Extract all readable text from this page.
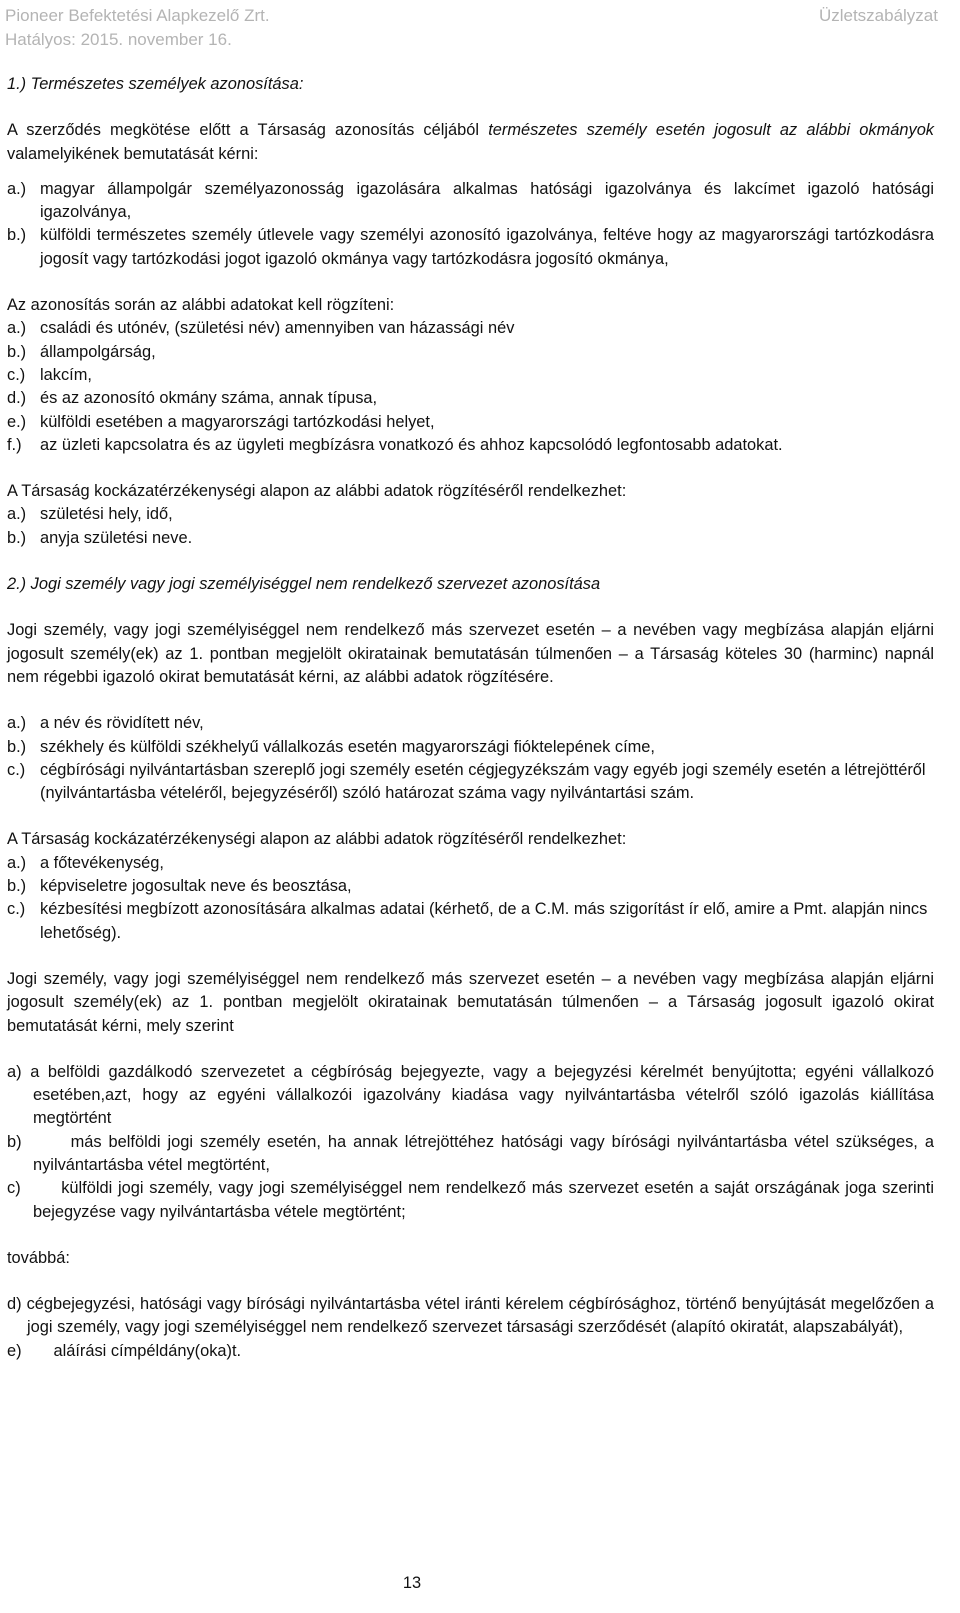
Pioneer Befektetési Alapkezelő Zrt.	Üzletszabályzat
Hatályos: 2015. november 16.

1.) Természetes személyek azonosítása:

A szerződés megkötése előtt a Társaság azonosítás céljából természetes személy esetén jogosult az alábbi okmányok valamelyikének bemutatását kérni:

a.) magyar állampolgár személyazonosság igazolására alkalmas hatósági igazolványa és lakcímet igazoló hatósági igazolványa,
b.) külföldi természetes személy útlevele vagy személyi azonosító igazolványa, feltéve hogy az magyarországi tartózkodásra jogosít vagy tartózkodási jogot igazoló okmánya vagy tartózkodásra jogosító okmánya,

Az azonosítás során az alábbi adatokat kell rögzíteni:

a.) családi és utónév, (születési név) amennyiben van házassági név
b.) állampolgárság,
c.) lakcím,
d.) és az azonosító okmány száma, annak típusa,
e.) külföldi esetében a magyarországi tartózkodási helyet,
f.)	az üzleti kapcsolatra és az ügyleti megbízásra vonatkozó és ahhoz kapcsolódó legfontosabb adatokat.

A Társaság kockázatérzékenységi alapon az alábbi adatok rögzítéséről rendelkezhet:

a.) születési hely, idő,
b.) anyja születési neve.

2.) Jogi személy vagy jogi személyiséggel nem rendelkező szervezet azonosítása

Jogi személy, vagy jogi személyiséggel nem rendelkező más szervezet esetén – a nevében vagy megbízása alapján eljárni jogosult személy(ek) az 1. pontban megjelölt okiratainak bemutatásán túlmenően – a Társaság köteles 30 (harminc) napnál nem régebbi igazoló okirat bemutatását kérni, az alábbi adatok rögzítésére.

a.) a név és rövidített név,
b.) székhely és külföldi székhelyű vállalkozás esetén magyarországi fióktelepének címe,
c.) cégbírósági nyilvántartásban szereplő jogi személy esetén cégjegyzékszám vagy egyéb jogi személy esetén a létrejöttéről (nyilvántartásba vételéről, bejegyzéséről) szóló határozat száma vagy nyilvántartási szám.

A Társaság kockázatérzékenységi alapon az alábbi adatok rögzítéséről rendelkezhet:

a.) a főtevékenység,
b.) képviseletre jogosultak neve és beosztása,
c.) kézbesítési megbízott azonosítására alkalmas adatai (kérhető, de a C.M. más szigorítást ír elő, amire a Pmt. alapján nincs lehetőség).

Jogi személy, vagy jogi személyiséggel nem rendelkező más szervezet esetén – a nevében vagy megbízása alapján eljárni jogosult személy(ek) az 1. pontban megjelölt okiratainak bemutatásán túlmenően – a Társaság jogosult igazoló okirat bemutatását kérni, mely szerint

a) a belföldi gazdálkodó szervezetet a cégbíróság bejegyezte, vagy a bejegyzési kérelmét benyújtotta; egyéni vállalkozó esetében,azt, hogy az egyéni vállalkozói igazolvány kiadása vagy nyilvántartásba vételről szóló igazolás kiállítása megtörtént

b)       más belföldi jogi személy esetén, ha annak létrejöttéhez hatósági vagy bírósági nyilvántartásba vétel szükséges, a nyilvántartásba vétel megtörtént,

c)       külföldi jogi személy, vagy jogi személyiséggel nem rendelkező más szervezet esetén a saját országának joga szerinti bejegyzése vagy nyilvántartásba vétele megtörtént;

továbbá:

d) cégbejegyzési, hatósági vagy bírósági nyilvántartásba vétel iránti kérelem cégbírósághoz, történő benyújtását megelőzően a jogi személy, vagy jogi személyiséggel nem rendelkező szervezet társasági szerződését (alapító okiratát, alapszabályát),

e)       aláírási címpéldány(oka)t.

13
